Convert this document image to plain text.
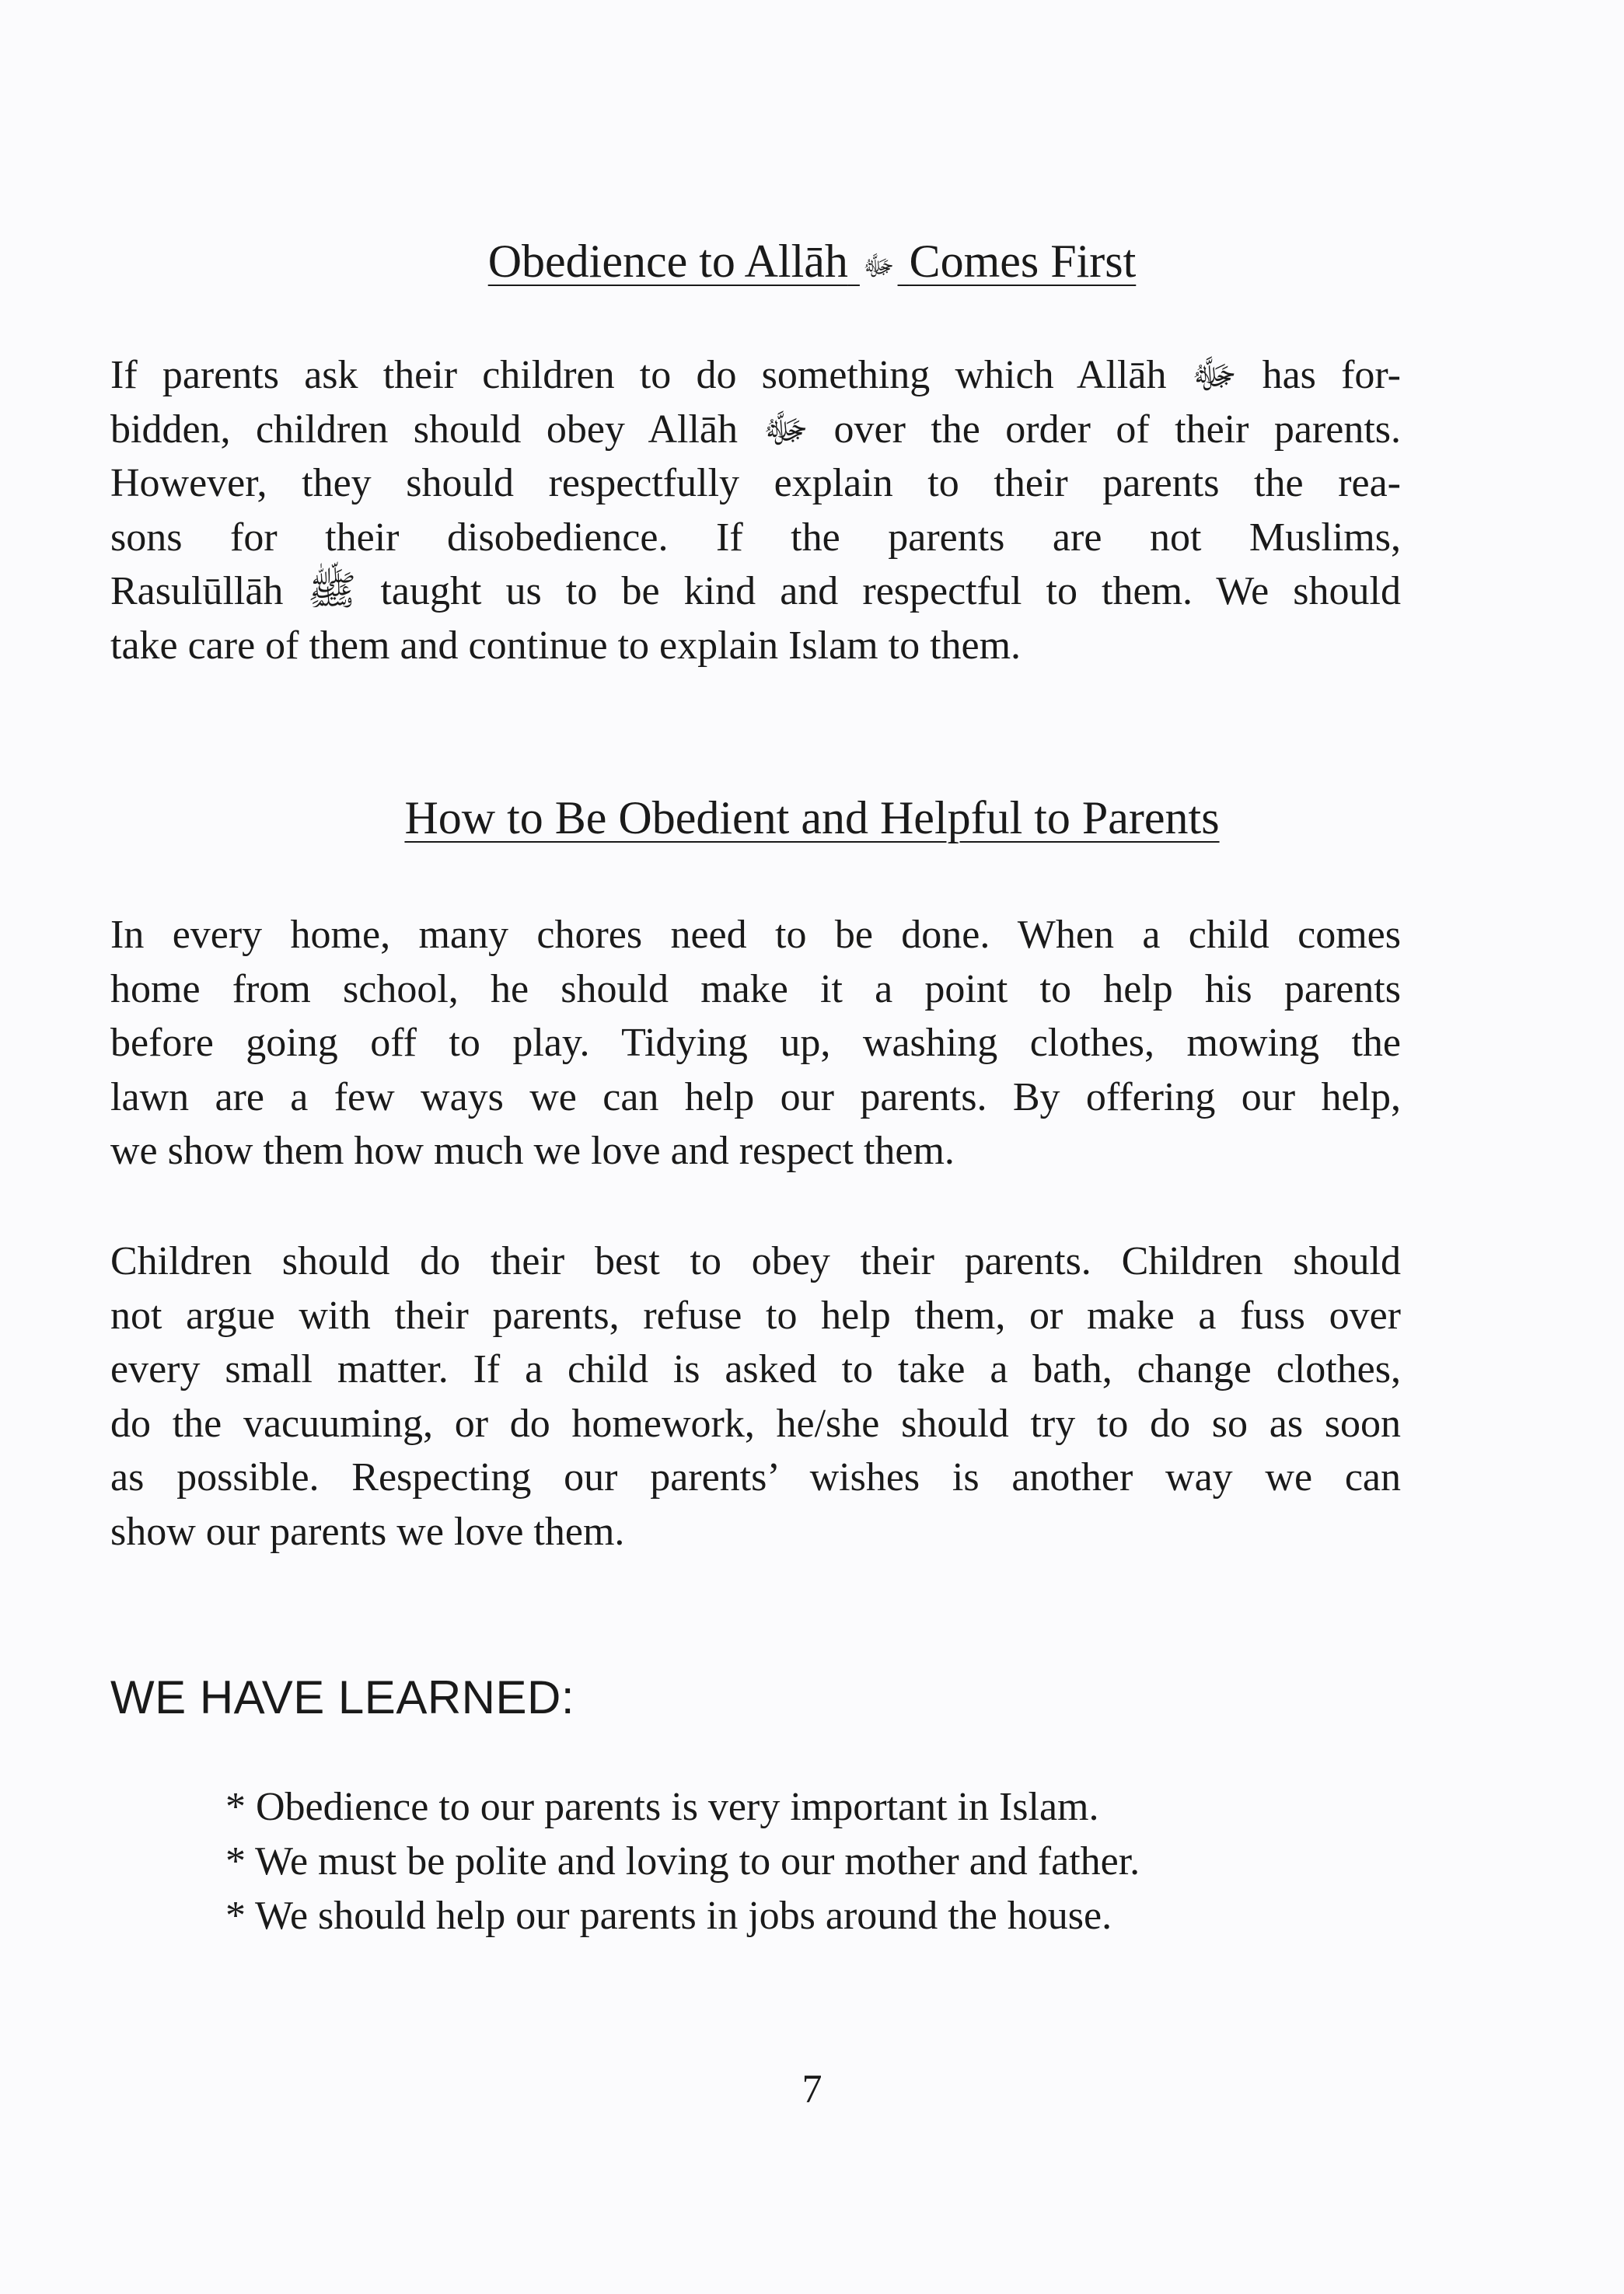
Obedience to Allāh ﷻ Comes First
If parents ask their children to do something which Allāh ﷻ has for-
bidden, children should obey Allāh ﷻ over the order of their parents.
However, they should respectfully explain to their parents the rea-
sons for their disobedience. If the parents are not Muslims,
Rasulūllāh ﷺ taught us to be kind and respectful to them. We should
take care of them and continue to explain Islam to them.
How to Be Obedient and Helpful to Parents
In every home, many chores need to be done. When a child comes
home from school, he should make it a point to help his parents
before going off to play. Tidying up, washing clothes, mowing the
lawn are a few ways we can help our parents. By offering our help,
we show them how much we love and respect them.
Children should do their best to obey their parents. Children should
not argue with their parents, refuse to help them, or make a fuss over
every small matter. If a child is asked to take a bath, change clothes,
do the vacuuming, or do homework, he/she should try to do so as soon
as possible. Respecting our parents’ wishes is another way we can
show our parents we love them.
WE HAVE LEARNED:
* Obedience to our parents is very important in Islam.
* We must be polite and loving to our mother and father.
* We should help our parents in jobs around the house.
7
